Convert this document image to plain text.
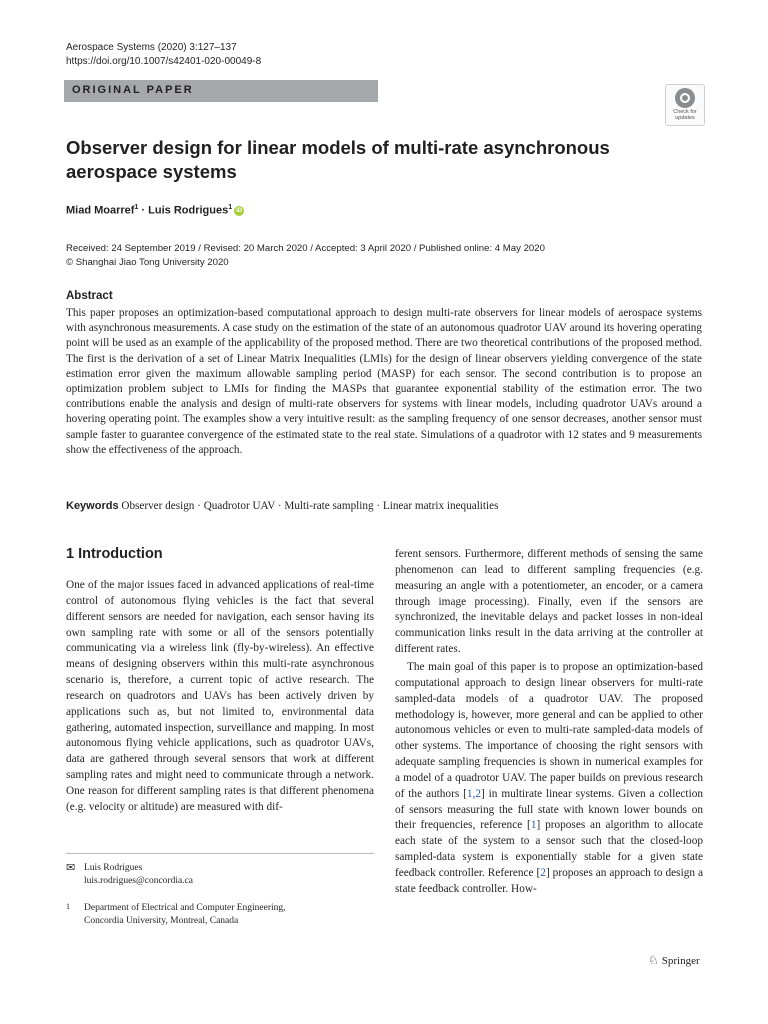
Aerospace Systems (2020) 3:127–137
https://doi.org/10.1007/s42401-020-00049-8
ORIGINAL PAPER
Check for
updates
Observer design for linear models of multi-rate asynchronous aerospace systems
Miad Moarref$^1$ · Luis Rodrigues$^1$ iD
Received: 24 September 2019 / Revised: 20 March 2020 / Accepted: 3 April 2020 / Published online: 4 May 2020
© Shanghai Jiao Tong University 2020
Abstract

This paper proposes an optimization-based computational approach to design multi-rate observers for linear models of aerospace systems with asynchronous measurements. A case study on the estimation of the state of an autonomous quadrotor UAV around its hovering operating point will be used as an example of the applicability of the proposed method. There are two theoretical contributions of the proposed method. The first is the derivation of a set of Linear Matrix Inequalities (LMIs) for the design of linear observers yielding convergence of the state estimation error given the maximum allowable sampling period (MASP) for each sensor. The second contribution is to propose an optimization problem subject to LMIs for finding the MASPs that guarantee exponential stability of the estimation error. The two contributions enable the analysis and design of multi-rate observers for systems with linear models, including quadrotor UAVs around a hovering operating point. The examples show a very intuitive result: as the sampling frequency of one sensor decreases, another sensor must sample faster to guarantee convergence of the estimated state to the real state. Simulations of a quadrotor with 12 states and 9 measurements show the effectiveness of the approach.

Keywords Observer design · Quadrotor UAV · Multi-rate sampling · Linear matrix inequalities
1 Introduction

One of the major issues faced in advanced applications of real-time control of autonomous flying vehicles is the fact that several different sensors are needed for navigation, each sensor having its own sampling rate with some or all of the sensors potentially communicating via a wireless link (fly-by-wireless). An effective means of designing observers within this multi-rate asynchronous scenario is, therefore, a current topic of active research. The research on quadrotors and UAVs has been actively driven by applications such as, but not limited to, environmental data gathering, automated inspection, surveillance and mapping. In most autonomous flying vehicle applications, such as quadrotor UAVs, data are gathered through several sensors that work at different sampling rates and might need to communicate through a network. One reason for different sampling rates is that different phenomena (e.g. velocity or altitude) are measured with dif-

ferent sensors. Furthermore, different methods of sensing the same phenomenon can lead to different sampling frequencies (e.g. measuring an angle with a potentiometer, an encoder, or a camera through image processing). Finally, even if the sensors are synchronized, the inevitable delays and packet losses in non-ideal communication links result in the data arriving at the controller at different rates.

The main goal of this paper is to propose an optimization-based computational approach to design linear observers for multi-rate sampled-data models of a quadrotor UAV. The proposed methodology is, however, more general and can be applied to other autonomous vehicles or even to multi-rate sampled-data models of other systems. The importance of choosing the right sensors with adequate sampling frequencies is shown in numerical examples for a model of a quadrotor UAV. The paper builds on previous research of the authors [1,2] in multirate linear systems. Given a collection of sensors measuring the full state with known lower bounds on their frequencies, reference [1] proposes an algorithm to allocate each state of the system to a sensor such that the closed-loop sampled-data system is exponentially stable for a given state feedback controller. Reference [2] proposes an approach to design a state feedback controller. How-

✉ Luis Rodrigues
luis.rodrigues@concordia.ca
1 Department of Electrical and Computer Engineering,
Concordia University, Montreal, Canada
♘ Springer
